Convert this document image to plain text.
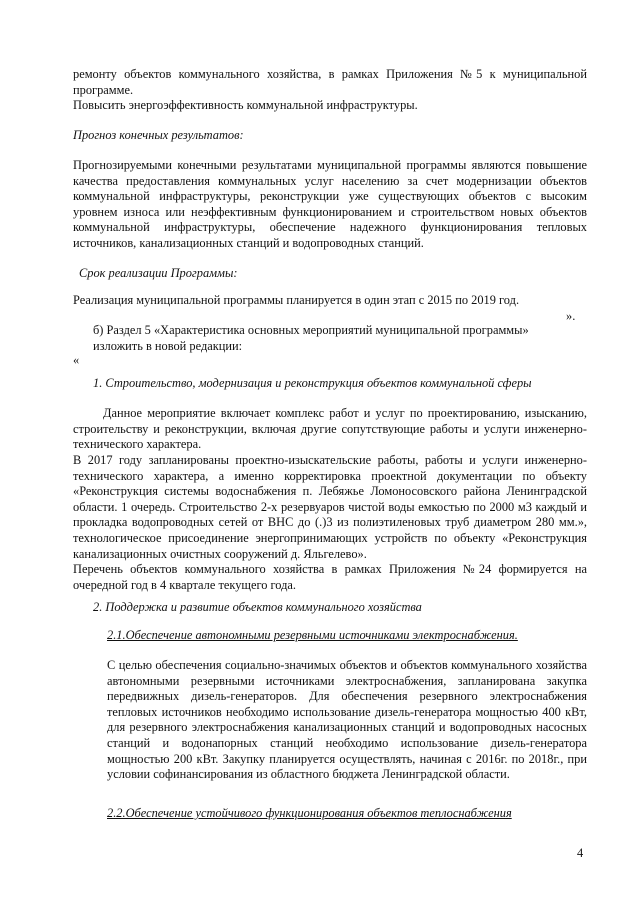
ремонту объектов коммунального хозяйства, в рамках Приложения №5 к муниципальной программе.

Повысить энергоэффективность коммунальной инфраструктуры.

Прогноз конечных результатов:

Прогнозируемыми конечными результатами муниципальной программы являются повышение качества предоставления коммунальных услуг населению за счет модернизации объектов коммунальной инфраструктуры, реконструкции уже существующих объектов с высоким уровнем износа или неэффективным функционированием и строительством новых объектов коммунальной инфраструктуры, обеспечение надежного функционирования тепловых источников, канализационных станций и водопроводных станций.

Срок реализации Программы:

Реализация муниципальной программы планируется в один этап с 2015 по 2019 год.

».

б) Раздел 5 «Характеристика основных мероприятий муниципальной программы» изложить в новой редакции:

«

1. Строительство, модернизация и реконструкция объектов коммунальной сферы

Данное мероприятие включает комплекс работ и услуг по проектированию, изысканию, строительству и реконструкции, включая другие сопутствующие работы и услуги инженерно-технического характера.

В 2017 году запланированы проектно-изыскательские работы, работы и услуги инженерно-технического характера, а именно корректировка проектной документации по объекту «Реконструкция системы водоснабжения п. Лебяжье Ломоносовского района Ленинградской области. 1 очередь. Строительство 2-х резервуаров чистой воды емкостью по 2000 м3 каждый и прокладка водопроводных сетей от ВНС до (.)3 из полиэтиленовых труб диаметром 280 мм.», технологическое присоединение энергопринимающих устройств по объекту «Реконструкция канализационных очистных сооружений д. Яльгелево».

Перечень объектов коммунального хозяйства в рамках Приложения №24 формируется на очередной год в 4 квартале текущего года.

2. Поддержка и развитие объектов коммунального хозяйства

2.1.Обеспечение автономными резервными источниками электроснабжения.

С целью обеспечения социально-значимых объектов и объектов коммунального хозяйства автономными резервными источниками электроснабжения, запланирована закупка передвижных дизель-генераторов. Для обеспечения резервного электроснабжения тепловых источников необходимо использование дизель-генератора мощностью 400 кВт, для резервного электроснабжения канализационных станций и водопроводных насосных станций и водонапорных станций необходимо использование дизель-генератора мощностью 200 кВт. Закупку планируется осуществлять, начиная с 2016г. по 2018г., при условии софинансирования из областного бюджета Ленинградской области.

2.2.Обеспечение устойчивого функционирования объектов теплоснабжения

4
